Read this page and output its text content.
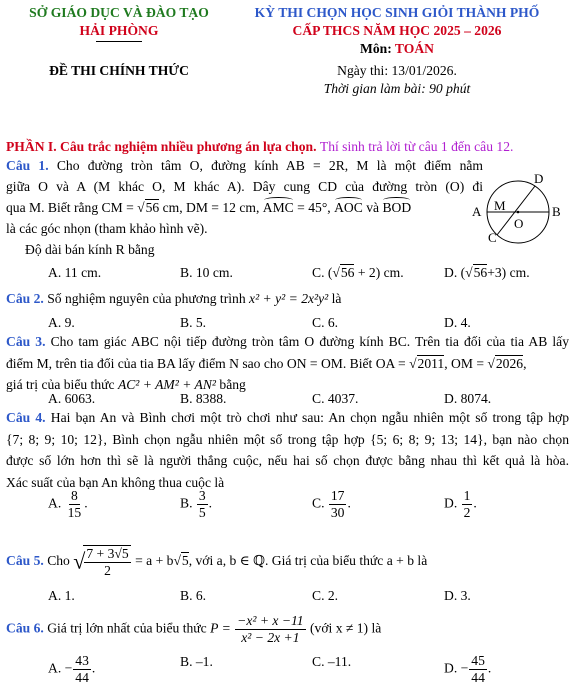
SỞ GIÁO DỤC VÀ ĐÀO TẠO
HẢI PHÒNG
KỲ THI CHỌN HỌC SINH GIỎI THÀNH PHỐ
CẤP THCS NĂM HỌC 2025 – 2026
Môn: TOÁN
ĐỀ THI CHÍNH THỨC	Ngày thi: 13/01/2026.
Thời gian làm bài: 90 phút
PHẦN I. Câu trắc nghiệm nhiều phương án lựa chọn. Thí sinh trả lời từ câu 1 đến câu 12.
Câu 1. Cho đường tròn tâm O, đường kính AB = 2R, M là một điểm nằm
giữa O và A (M khác O, M khác A). Dây cung CD của đường tròn (O) đi
qua M. Biết rằng CM = √56 cm, DM = 12 cm, AMC = 45°, AOC và BOD
là các góc nhọn (tham khảo hình vẽ).
Độ dài bán kính R bằng
D
A M
O
B
C
A. 11 cm.	B. 10 cm.	C. (√56 + 2) cm.	D. (√56+3) cm.
Câu 2. Số nghiệm nguyên của phương trình x² + y² = 2x²y² là
A. 9.	B. 5.	C. 6.	D. 4.
Câu 3. Cho tam giác ABC nội tiếp đường tròn tâm O đường kính BC. Trên tia đối của tia AB lấy
điểm M, trên tia đối của tia BA lấy điểm N sao cho ON = OM. Biết OA = √2011, OM = √2026,
giá trị của biểu thức AC² + AM² + AN² bằng
A. 6063.	B. 8388.	C. 4037.	D. 8074.
Câu 4. Hai bạn An và Bình chơi một trò chơi như sau: An chọn ngẫu nhiên một số trong tập hợp
{7; 8; 9; 10; 12}, Bình chọn ngẫu nhiên một số trong tập hợp {5; 6; 8; 9; 13; 14}, bạn nào chọn
được số lớn hơn thì sẽ là người thắng cuộc, nếu hai số chọn được bằng nhau thì kết quả là hòa.
Xác suất của bạn An không thua cuộc là
A. $\frac{8}{15}$ .	B. $\frac{3}{5}$ .	C. $\frac{17}{30}$ .	D. $\frac{1}{2}$ .
Câu 5. Cho √
$\frac{7 + 3√5}{2} = a + b√5$, với a, b ∈ ℚ. Giá trị của biểu thức a + b là
A. 1.	B. 6.	C. 2.	D. 3.
Câu 6. Giá trị lớn nhất của biểu thức $P = \frac{\text{−x² + x −11}}{\text{x² − 2x +1}}$ (với x ≠ 1) là
A. − $\frac{43}{44}$ .	B. –1.	C. –11.	D. − $\frac{45}{44}$ .
